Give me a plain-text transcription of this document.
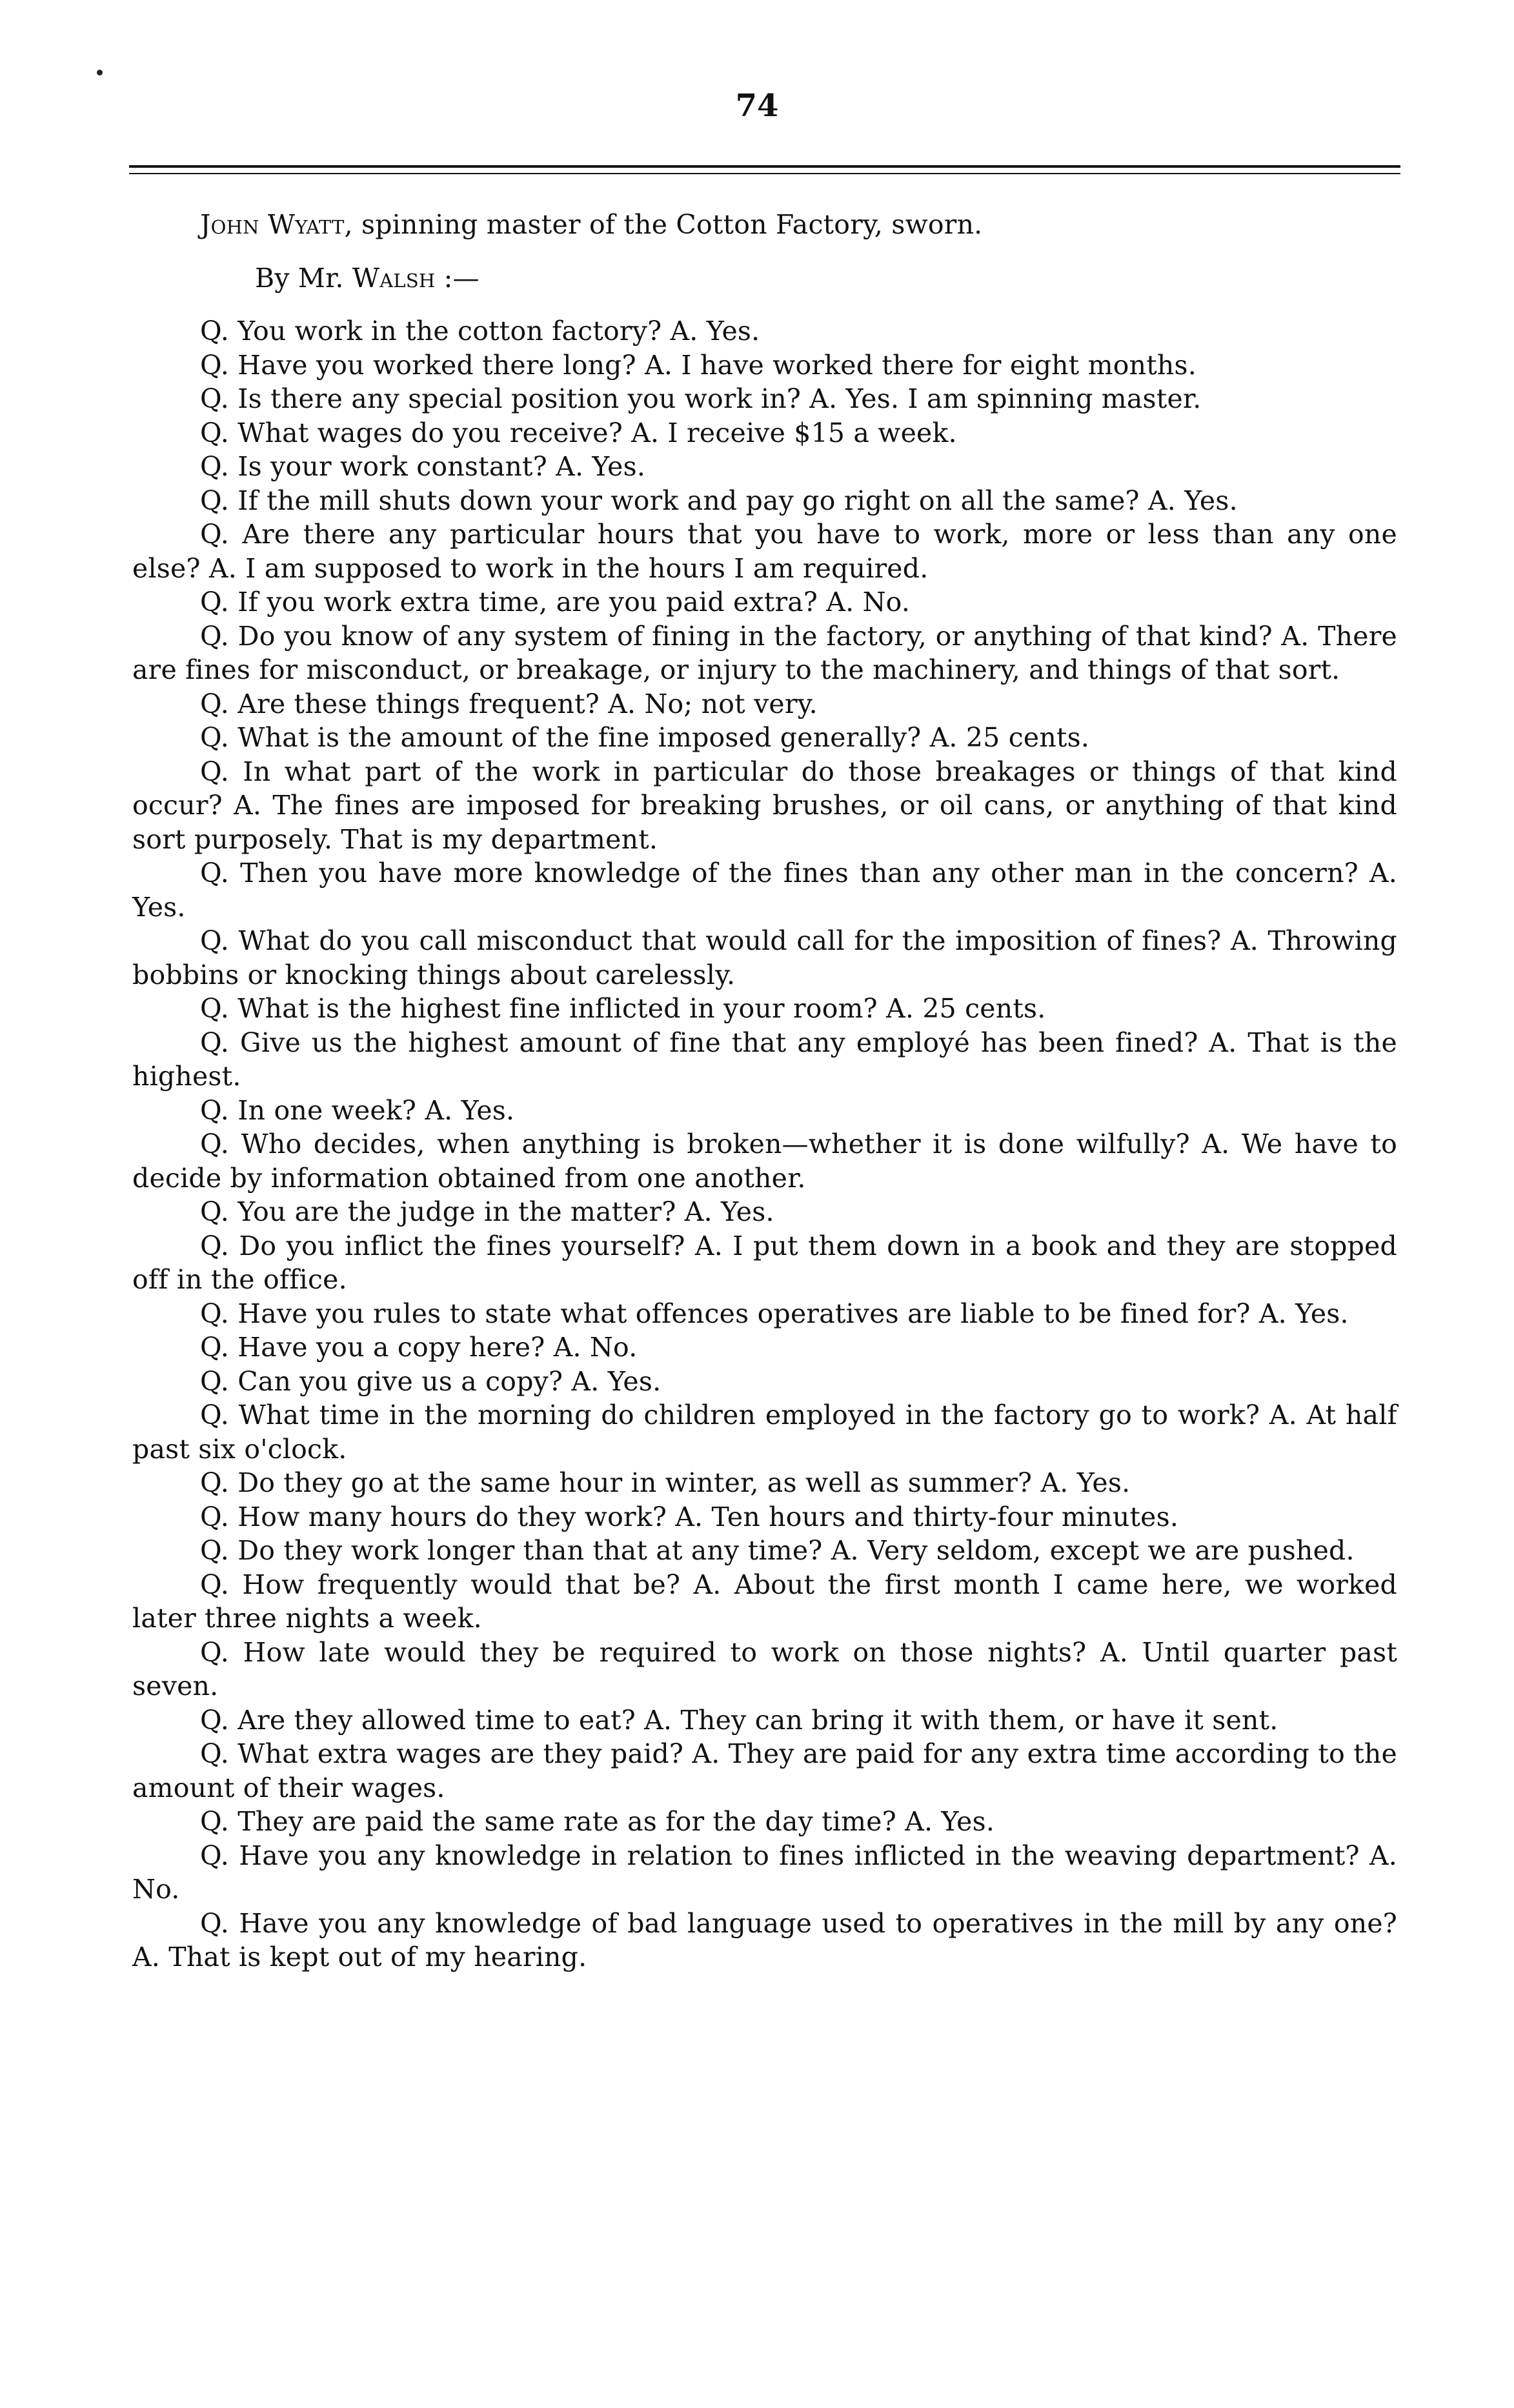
74

John Wyatt, spinning master of the Cotton Factory, sworn.

By Mr. Walsh :—

Q. You work in the cotton factory? A. Yes.

Q. Have you worked there long? A. I have worked there for eight months.

Q. Is there any special position you work in? A. Yes. I am spinning master.

Q. What wages do you receive? A. I receive $15 a week.

Q. Is your work constant? A. Yes.

Q. If the mill shuts down your work and pay go right on all the same? A. Yes.

Q. Are there any particular hours that you have to work, more or less than any one else? A. I am supposed to work in the hours I am required.

Q. If you work extra time, are you paid extra? A. No.

Q. Do you know of any system of fining in the factory, or anything of that kind? A. There are fines for misconduct, or breakage, or injury to the machinery, and things of that sort.

Q. Are these things frequent? A. No; not very.

Q. What is the amount of the fine imposed generally? A. 25 cents.

Q. In what part of the work in particular do those breakages or things of that kind occur? A. The fines are imposed for breaking brushes, or oil cans, or anything of that kind sort purposely. That is my department.

Q. Then you have more knowledge of the fines than any other man in the concern? A. Yes.

Q. What do you call misconduct that would call for the imposition of fines? A. Throwing bobbins or knocking things about carelessly.

Q. What is the highest fine inflicted in your room? A. 25 cents.

Q. Give us the highest amount of fine that any employé has been fined? A. That is the highest.

Q. In one week? A. Yes.

Q. Who decides, when anything is broken—whether it is done wilfully? A. We have to decide by information obtained from one another.

Q. You are the judge in the matter? A. Yes.

Q. Do you inflict the fines yourself? A. I put them down in a book and they are stopped off in the office.

Q. Have you rules to state what offences operatives are liable to be fined for? A. Yes.

Q. Have you a copy here? A. No.

Q. Can you give us a copy? A. Yes.

Q. What time in the morning do children employed in the factory go to work? A. At half past six o'clock.

Q. Do they go at the same hour in winter, as well as summer? A. Yes.

Q. How many hours do they work? A. Ten hours and thirty-four minutes.

Q. Do they work longer than that at any time? A. Very seldom, except we are pushed.

Q. How frequently would that be? A. About the first month I came here, we worked later three nights a week.

Q. How late would they be required to work on those nights? A. Until quarter past seven.

Q. Are they allowed time to eat? A. They can bring it with them, or have it sent.

Q. What extra wages are they paid? A. They are paid for any extra time according to the amount of their wages.

Q. They are paid the same rate as for the day time? A. Yes.

Q. Have you any knowledge in relation to fines inflicted in the weaving department? A. No.

Q. Have you any knowledge of bad language used to operatives in the mill by any one? A. That is kept out of my hearing.
